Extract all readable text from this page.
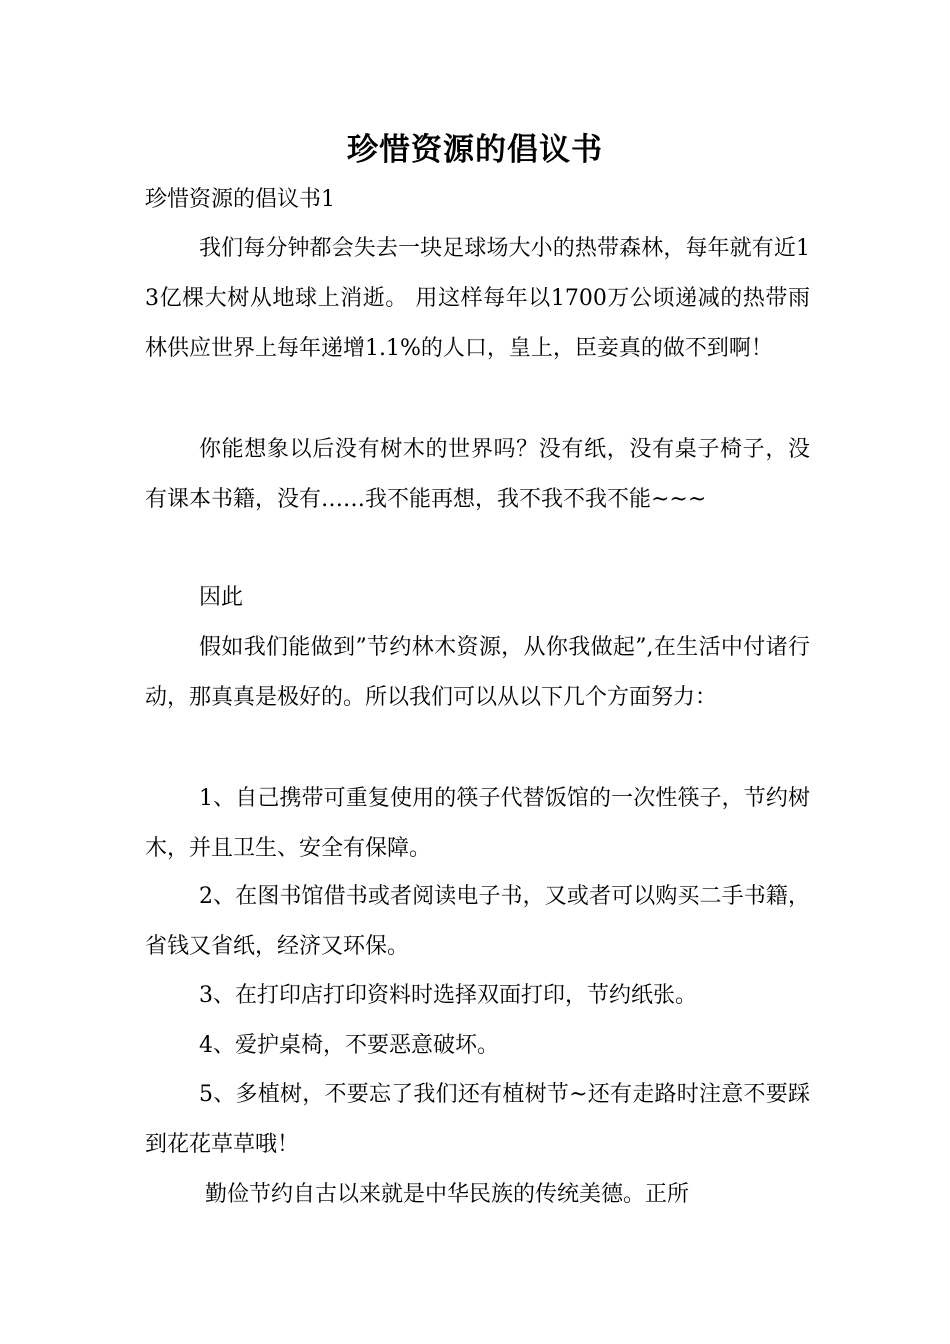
珍惜资源的倡议书
珍惜资源的倡议书1
我们每分钟都会失去一块足球场大小的热带森林，每年就有近13亿棵大树从地球上消逝。 用这样每年以1700万公顷递减的热带雨林供应世界上每年递增1.1%的人口，皇上，臣妾真的做不到啊！
你能想象以后没有树木的世界吗？没有纸，没有桌子椅子，没有课本书籍，没有……我不能再想，我不我不我不能~~~
因此
假如我们能做到”节约林木资源，从你我做起”,在生活中付诸行动，那真真是极好的。所以我们可以从以下几个方面努力：
1、自己携带可重复使用的筷子代替饭馆的一次性筷子，节约树木，并且卫生、安全有保障。
2、在图书馆借书或者阅读电子书，又或者可以购买二手书籍，省钱又省纸，经济又环保。
3、在打印店打印资料时选择双面打印，节约纸张。
4、爱护桌椅，不要恶意破坏。
5、多植树，不要忘了我们还有植树节~还有走路时注意不要踩到花花草草哦！
勤俭节约自古以来就是中华民族的传统美德。正所
